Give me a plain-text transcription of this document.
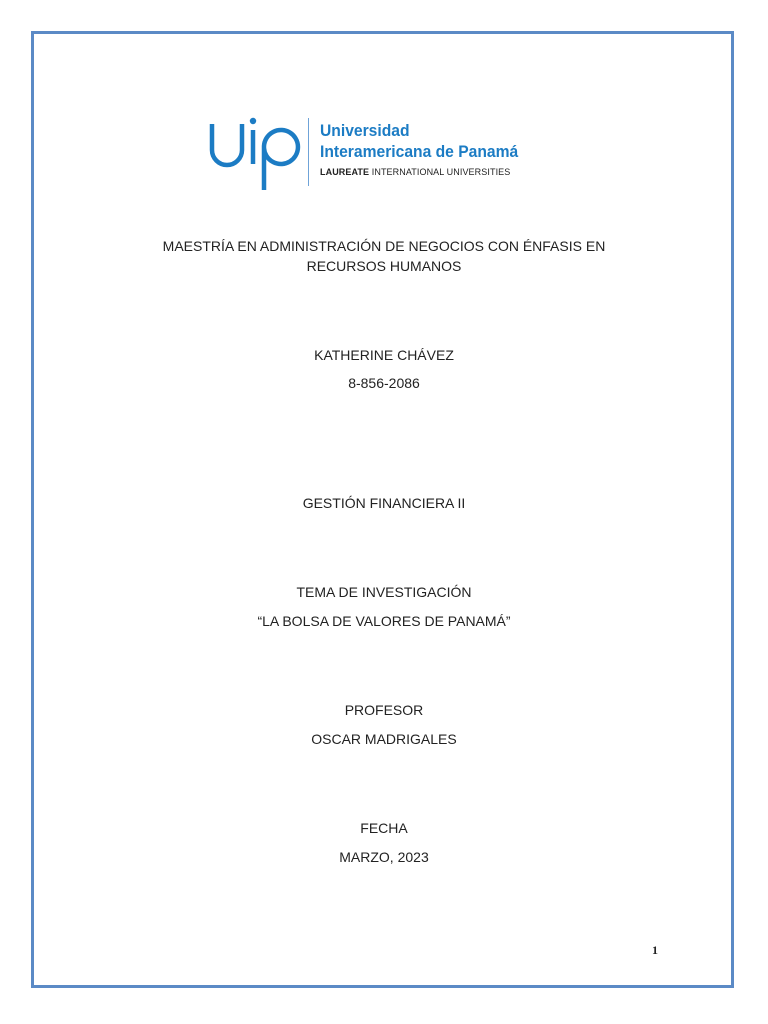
Universidad
Interamericana de Panamá
LAUREATE INTERNATIONAL UNIVERSITIES
MAESTRÍA EN ADMINISTRACIÓN DE NEGOCIOS CON ÉNFASIS EN
RECURSOS HUMANOS
KATHERINE CHÁVEZ
8-856-2086
GESTIÓN FINANCIERA II
TEMA DE INVESTIGACIÓN
“LA BOLSA DE VALORES DE PANAMÁ”
PROFESOR
OSCAR MADRIGALES
FECHA
MARZO, 2023
1
